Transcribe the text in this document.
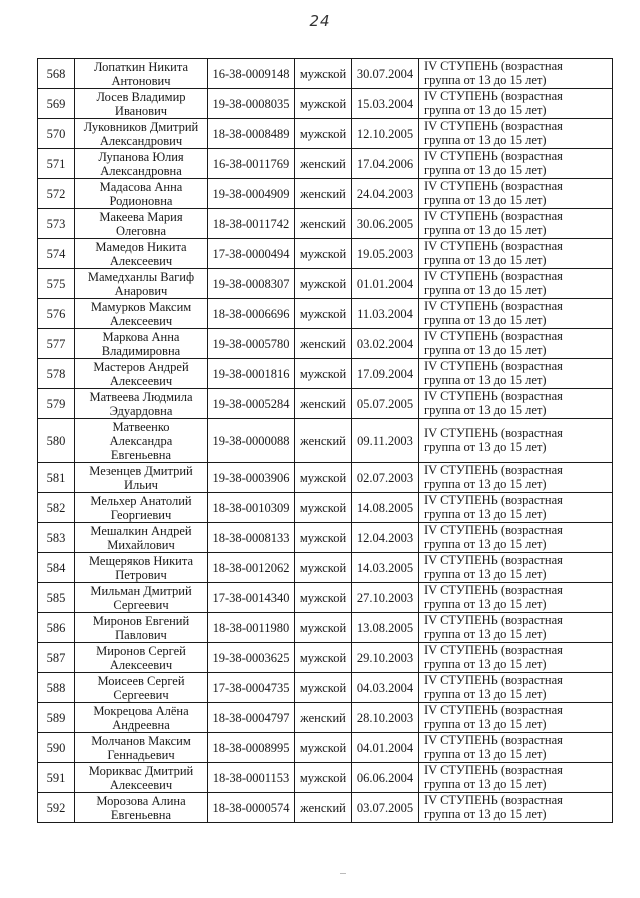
24
568	Лопаткин Никита
Антонович	16-38-0009148	мужской	30.07.2004	IV СТУПЕНЬ (возрастная
группа от 13 до 15 лет)

569	Лосев Владимир
Иванович	19-38-0008035	мужской	15.03.2004	IV СТУПЕНЬ (возрастная
группа от 13 до 15 лет)

570	Луковников Дмитрий
Александрович	18-38-0008489	мужской	12.10.2005	IV СТУПЕНЬ (возрастная
группа от 13 до 15 лет)

571	Лупанова Юлия
Александровна	16-38-0011769	женский	17.04.2006	IV СТУПЕНЬ (возрастная
группа от 13 до 15 лет)

572	Мадасова Анна
Родионовна	19-38-0004909	женский	24.04.2003	IV СТУПЕНЬ (возрастная
группа от 13 до 15 лет)

573	Макеева Мария
Олеговна	18-38-0011742	женский	30.06.2005	IV СТУПЕНЬ (возрастная
группа от 13 до 15 лет)

574	Мамедов Никита
Алексеевич	17-38-0000494	мужской	19.05.2003	IV СТУПЕНЬ (возрастная
группа от 13 до 15 лет)

575	Мамедханлы Вагиф
Анарович	19-38-0008307	мужской	01.01.2004	IV СТУПЕНЬ (возрастная
группа от 13 до 15 лет)

576	Мамурков Максим
Алексеевич	18-38-0006696	мужской	11.03.2004	IV СТУПЕНЬ (возрастная
группа от 13 до 15 лет)

577	Маркова Анна
Владимировна	19-38-0005780	женский	03.02.2004	IV СТУПЕНЬ (возрастная
группа от 13 до 15 лет)

578	Мастеров Андрей
Алексеевич	19-38-0001816	мужской	17.09.2004	IV СТУПЕНЬ (возрастная
группа от 13 до 15 лет)

579	Матвеева Людмила
Эдуардовна	19-38-0005284	женский	05.07.2005	IV СТУПЕНЬ (возрастная
группа от 13 до 15 лет)

580	Матвеенко
Александра
Евгеньевна	19-38-0000088	женский	09.11.2003	IV СТУПЕНЬ (возрастная
группа от 13 до 15 лет)

581	Мезенцев Дмитрий
Ильич	19-38-0003906	мужской	02.07.2003	IV СТУПЕНЬ (возрастная
группа от 13 до 15 лет)

582	Мельхер Анатолий
Георгиевич	18-38-0010309	мужской	14.08.2005	IV СТУПЕНЬ (возрастная
группа от 13 до 15 лет)

583	Мешалкин Андрей
Михайлович	18-38-0008133	мужской	12.04.2003	IV СТУПЕНЬ (возрастная
группа от 13 до 15 лет)

584	Мещеряков Никита
Петрович	18-38-0012062	мужской	14.03.2005	IV СТУПЕНЬ (возрастная
группа от 13 до 15 лет)

585	Мильман Дмитрий
Сергеевич	17-38-0014340	мужской	27.10.2003	IV СТУПЕНЬ (возрастная
группа от 13 до 15 лет)

586	Миронов Евгений
Павлович	18-38-0011980	мужской	13.08.2005	IV СТУПЕНЬ (возрастная
группа от 13 до 15 лет)

587	Миронов Сергей
Алексеевич	19-38-0003625	мужской	29.10.2003	IV СТУПЕНЬ (возрастная
группа от 13 до 15 лет)

588	Моисеев Сергей
Сергеевич	17-38-0004735	мужской	04.03.2004	IV СТУПЕНЬ (возрастная
группа от 13 до 15 лет)

589	Мокрецова Алёна
Андреевна	18-38-0004797	женский	28.10.2003	IV СТУПЕНЬ (возрастная
группа от 13 до 15 лет)

590	Молчанов Максим
Геннадьевич	18-38-0008995	мужской	04.01.2004	IV СТУПЕНЬ (возрастная
группа от 13 до 15 лет)

591	Морикваc Дмитрий
Алексеевич	18-38-0001153	мужской	06.06.2004	IV СТУПЕНЬ (возрастная
группа от 13 до 15 лет)

592	Морозова Алина
Евгеньевна	18-38-0000574	женский	03.07.2005	IV СТУПЕНЬ (возрастная
группа от 13 до 15 лет)
